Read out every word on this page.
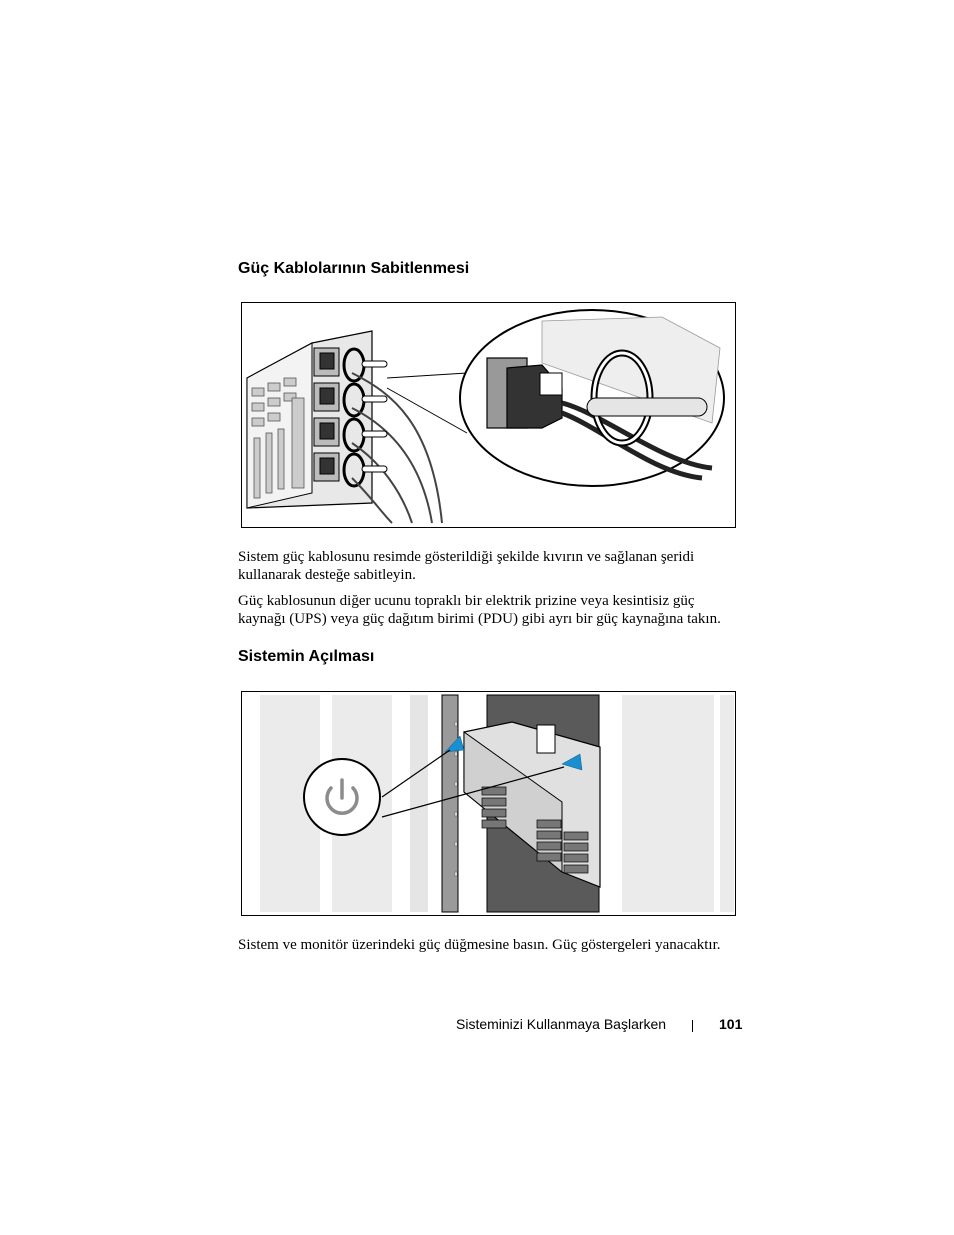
Güç Kablolarının Sabitlenmesi

Sistem güç kablosunu resimde gösterildiği şekilde kıvırın ve sağlanan şeridi
kullanarak desteğe sabitleyin.

Güç kablosunun diğer ucunu topraklı bir elektrik prizine veya kesintisiz güç
kaynağı (UPS) veya güç dağıtım birimi (PDU) gibi ayrı bir güç kaynağına takın.

Sistemin Açılması

Sistem ve monitör üzerindeki güç düğmesine basın. Güç göstergeleri yanacaktır.

Sisteminizi Kullanmaya Başlarken	101
